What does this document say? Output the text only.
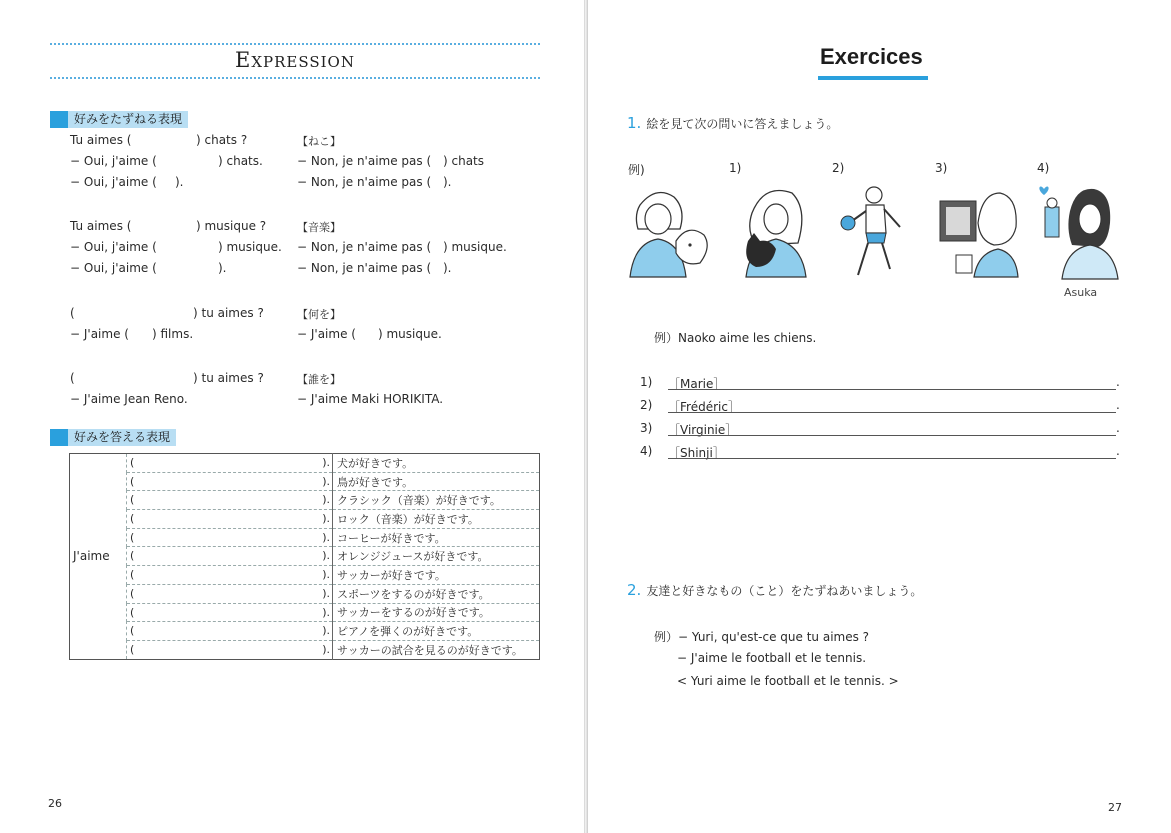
Expression
好みをたずねる表現
Tu aimes (	) chats ?	【ねこ】
− Oui, j'aime (	) chats.	− Non, je n'aime pas ( ) chats
− Oui, j'aime ( ).	− Non, je n'aime pas ( ).
Tu aimes (	) musique ?	【音楽】
− Oui, j'aime (	) musique. − Non, je n'aime pas ( ) musique.
− Oui, j'aime (	).	− Non, je n'aime pas ( ).
(	) tu aimes ?	【何を】
− J'aime ( ) films.	− J'aime ( ) musique.
(	) tu aimes ?	【誰を】
− J'aime Jean Reno.	− J'aime Maki HORIKITA.
好みを答える表現
J'aime	( ).	犬が好きです。

	( ).	鳥が好きです。

	( ).	クラシック（音楽）が好きです。

	( ).	ロック（音楽）が好きです。

	( ).	コーヒーが好きです。

	( ).	オレンジジュースが好きです。

	( ).	サッカーが好きです。

	( ).	スポーツをするのが好きです。

	( ).	サッカーをするのが好きです。

	( ).	ピアノを弾くのが好きです。

	( ).	サッカーの試合を見るのが好きです。
26
Exercices
1. 絵を見て次の問いに答えましょう。
例)	1)	2)	3)	4)
Asuka
例）Naoko aime les chiens.
1) ［Marie］	.
2) ［Frédéric］	.
3) ［Virginie］	.
4) ［Shinji］	.
2. 友達と好きなもの（こと）をたずねあいましょう。
例）− Yuri, qu'est-ce que tu aimes ?
− J'aime le football et le tennis.
< Yuri aime le football et le tennis. >
27
